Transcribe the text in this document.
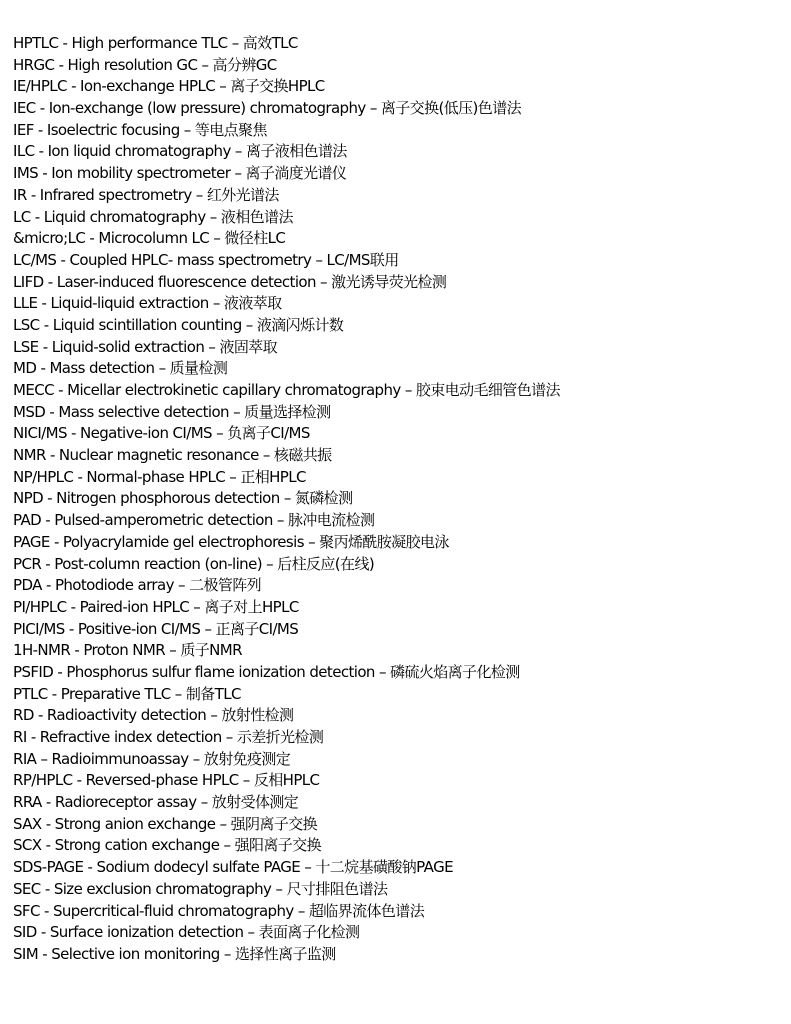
HPTLC - High performance TLC – 高效TLC
HRGC - High resolution GC – 高分辨GC
IE/HPLC - Ion-exchange HPLC – 离子交换HPLC
IEC - Ion-exchange (low pressure) chromatography – 离子交换(低压)色谱法
IEF - Isoelectric focusing – 等电点聚焦
ILC - Ion liquid chromatography – 离子液相色谱法
IMS - Ion mobility spectrometer – 离子淌度光谱仪
IR - Infrared spectrometry – 红外光谱法
LC - Liquid chromatography – 液相色谱法
&micro;LC - Microcolumn LC – 微径柱LC
LC/MS - Coupled HPLC- mass spectrometry – LC/MS联用
LIFD - Laser-induced fluorescence detection – 激光诱导荧光检测
LLE - Liquid-liquid extraction – 液液萃取
LSC - Liquid scintillation counting – 液滴闪烁计数
LSE - Liquid-solid extraction – 液固萃取
MD - Mass detection – 质量检测
MECC - Micellar electrokinetic capillary chromatography – 胶束电动毛细管色谱法
MSD - Mass selective detection – 质量选择检测
NICI/MS - Negative-ion CI/MS – 负离子CI/MS
NMR - Nuclear magnetic resonance – 核磁共振
NP/HPLC - Normal-phase HPLC – 正相HPLC
NPD - Nitrogen phosphorous detection – 氮磷检测
PAD - Pulsed-amperometric detection – 脉冲电流检测
PAGE - Polyacrylamide gel electrophoresis – 聚丙烯酰胺凝胶电泳
PCR - Post-column reaction (on-line) – 后柱反应(在线)
PDA - Photodiode array – 二极管阵列
PI/HPLC - Paired-ion HPLC – 离子对上HPLC
PICI/MS - Positive-ion CI/MS – 正离子CI/MS
1H-NMR - Proton NMR – 质子NMR
PSFID - Phosphorus sulfur flame ionization detection – 磷硫火焰离子化检测
PTLC - Preparative TLC – 制备TLC
RD - Radioactivity detection – 放射性检测
RI - Refractive index detection – 示差折光检测
RIA – Radioimmunoassay – 放射免疫测定
RP/HPLC - Reversed-phase HPLC – 反相HPLC
RRA - Radioreceptor assay – 放射受体测定
SAX - Strong anion exchange – 强阴离子交换
SCX - Strong cation exchange – 强阳离子交换
SDS-PAGE - Sodium dodecyl sulfate PAGE – 十二烷基磺酸钠PAGE
SEC - Size exclusion chromatography – 尺寸排阻色谱法
SFC - Supercritical-fluid chromatography – 超临界流体色谱法
SID - Surface ionization detection – 表面离子化检测
SIM - Selective ion monitoring – 选择性离子监测
